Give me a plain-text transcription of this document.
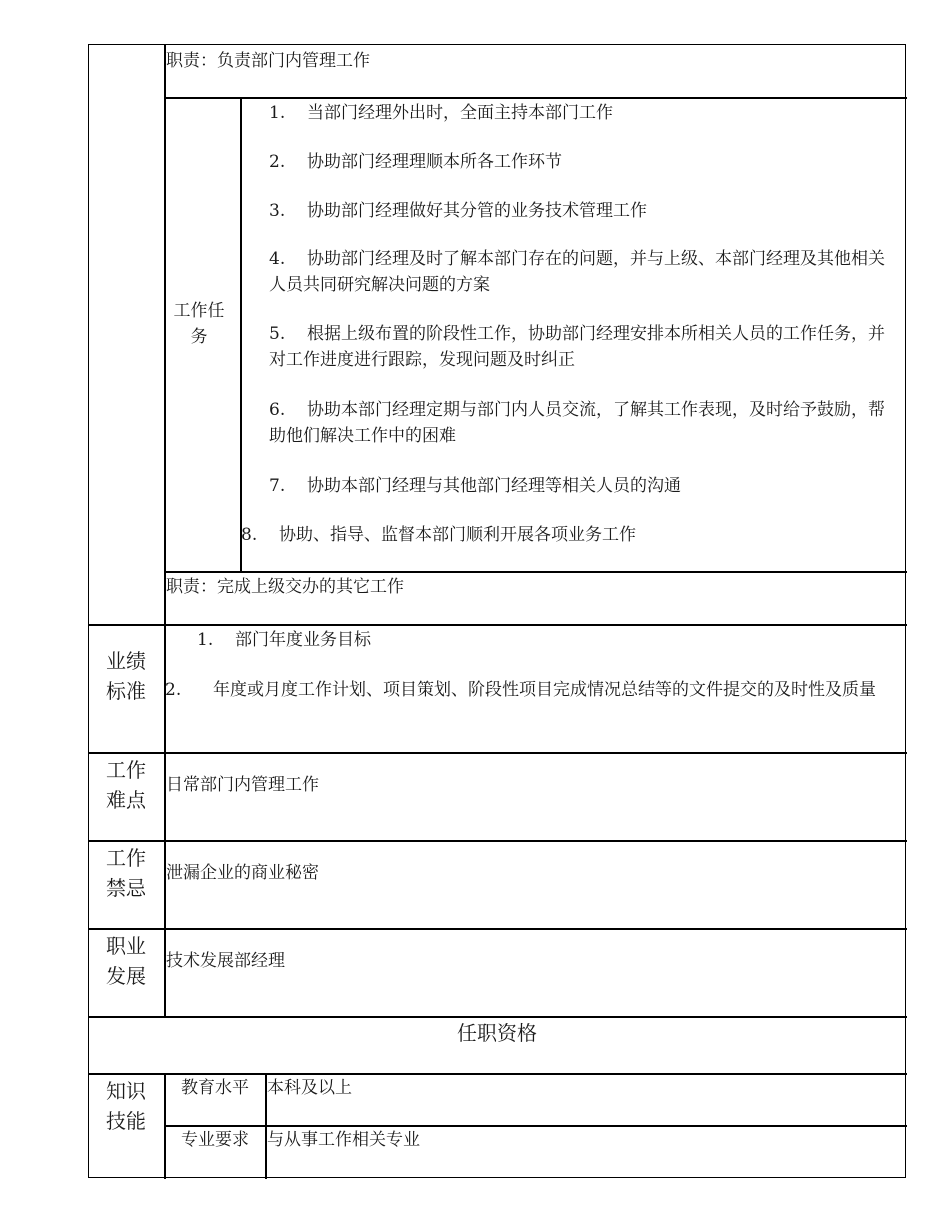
职责：负责部门内管理工作
工作任务
1. 当部门经理外出时，全面主持本部门工作
2. 协助部门经理理顺本所各工作环节
3. 协助部门经理做好其分管的业务技术管理工作
4. 协助部门经理及时了解本部门存在的问题，并与上级、本部门经理及其他相关人员共同研究解决问题的方案
5. 根据上级布置的阶段性工作，协助部门经理安排本所相关人员的工作任务，并对工作进度进行跟踪，发现问题及时纠正
6. 协助本部门经理定期与部门内人员交流，了解其工作表现，及时给予鼓励，帮助他们解决工作中的困难
7. 协助本部门经理与其他部门经理等相关人员的沟通
8. 协助、指导、监督本部门顺利开展各项业务工作
职责：完成上级交办的其它工作
业绩标准
1. 部门年度业务目标
2. 年度或月度工作计划、项目策划、阶段性项目完成情况总结等的文件提交的及时性及质量
工作难点
日常部门内管理工作
工作禁忌
泄漏企业的商业秘密
职业发展
技术发展部经理
任职资格
知识技能
教育水平	本科及以上
专业要求	与从事工作相关专业
